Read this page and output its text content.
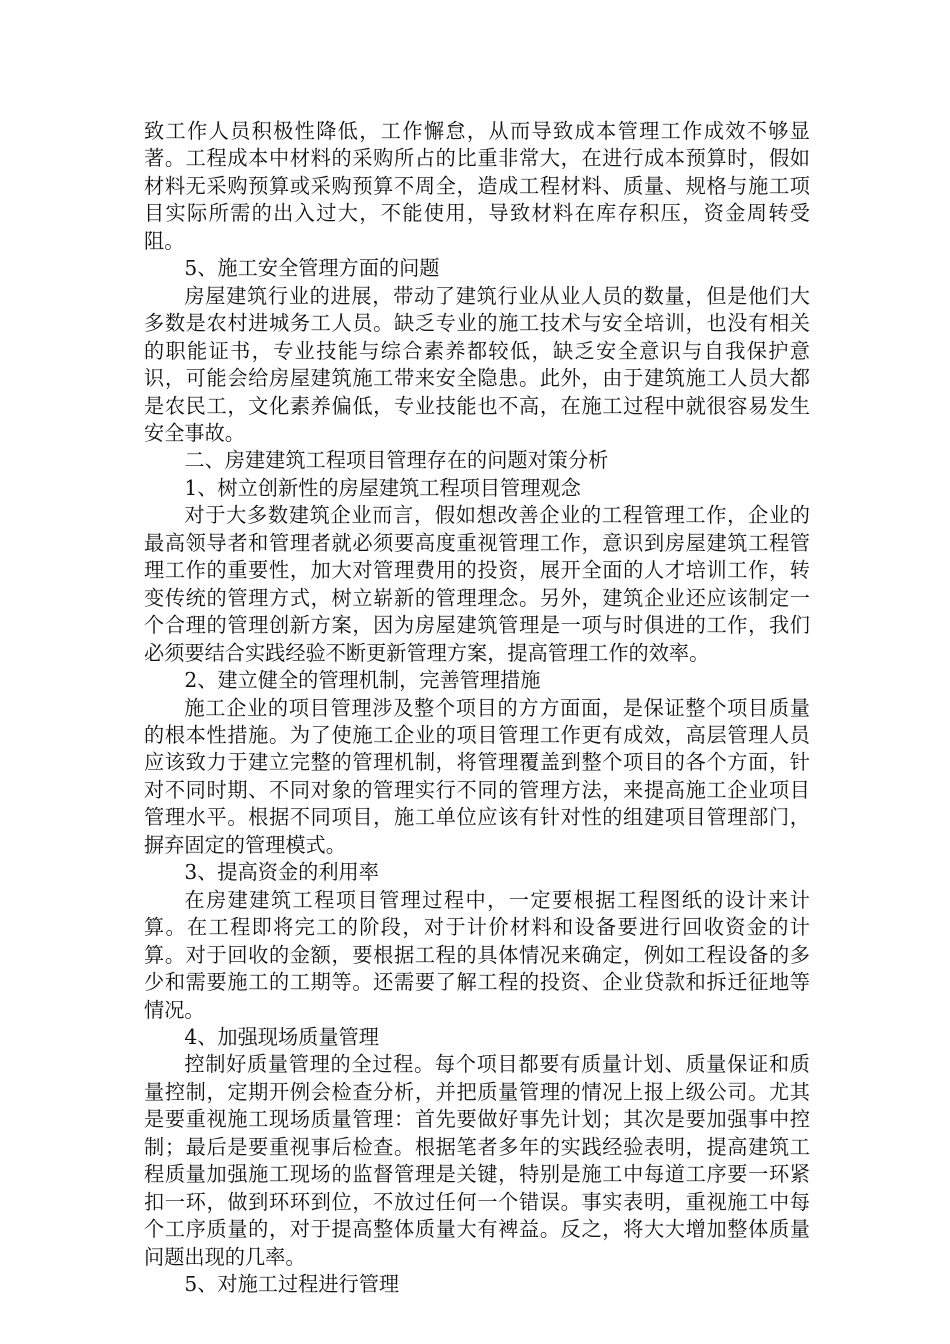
致工作人员积极性降低，工作懈怠，从而导致成本管理工作成效不够显著。工程成本中材料的采购所占的比重非常大，在进行成本预算时，假如材料无采购预算或采购预算不周全，造成工程材料、质量、规格与施工项目实际所需的出入过大，不能使用，导致材料在库存积压，资金周转受阻。

5、施工安全管理方面的问题

房屋建筑行业的进展，带动了建筑行业从业人员的数量，但是他们大多数是农村进城务工人员。缺乏专业的施工技术与安全培训，也没有相关的职能证书，专业技能与综合素养都较低，缺乏安全意识与自我保护意识，可能会给房屋建筑施工带来安全隐患。此外，由于建筑施工人员大都是农民工，文化素养偏低，专业技能也不高，在施工过程中就很容易发生安全事故。

二、房建建筑工程项目管理存在的问题对策分析

1、树立创新性的房屋建筑工程项目管理观念

对于大多数建筑企业而言，假如想改善企业的工程管理工作，企业的最高领导者和管理者就必须要高度重视管理工作，意识到房屋建筑工程管理工作的重要性，加大对管理费用的投资，展开全面的人才培训工作，转变传统的管理方式，树立崭新的管理理念。另外，建筑企业还应该制定一个合理的管理创新方案，因为房屋建筑管理是一项与时俱进的工作，我们必须要结合实践经验不断更新管理方案，提高管理工作的效率。

2、建立健全的管理机制，完善管理措施

施工企业的项目管理涉及整个项目的方方面面，是保证整个项目质量的根本性措施。为了使施工企业的项目管理工作更有成效，高层管理人员应该致力于建立完整的管理机制，将管理覆盖到整个项目的各个方面，针对不同时期、不同对象的管理实行不同的管理方法，来提高施工企业项目管理水平。根据不同项目，施工单位应该有针对性的组建项目管理部门，摒弃固定的管理模式。

3、提高资金的利用率

在房建建筑工程项目管理过程中，一定要根据工程图纸的设计来计算。在工程即将完工的阶段，对于计价材料和设备要进行回收资金的计算。对于回收的金额，要根据工程的具体情况来确定，例如工程设备的多少和需要施工的工期等。还需要了解工程的投资、企业贷款和拆迁征地等情况。

4、加强现场质量管理

控制好质量管理的全过程。每个项目都要有质量计划、质量保证和质量控制，定期开例会检查分析，并把质量管理的情况上报上级公司。尤其是要重视施工现场质量管理：首先要做好事先计划；其次是要加强事中控制；最后是要重视事后检查。根据笔者多年的实践经验表明，提高建筑工程质量加强施工现场的监督管理是关键，特别是施工中每道工序要一环紧扣一环，做到环环到位，不放过任何一个错误。事实表明，重视施工中每个工序质量的，对于提高整体质量大有裨益。反之，将大大增加整体质量问题出现的几率。

5、对施工过程进行管理
